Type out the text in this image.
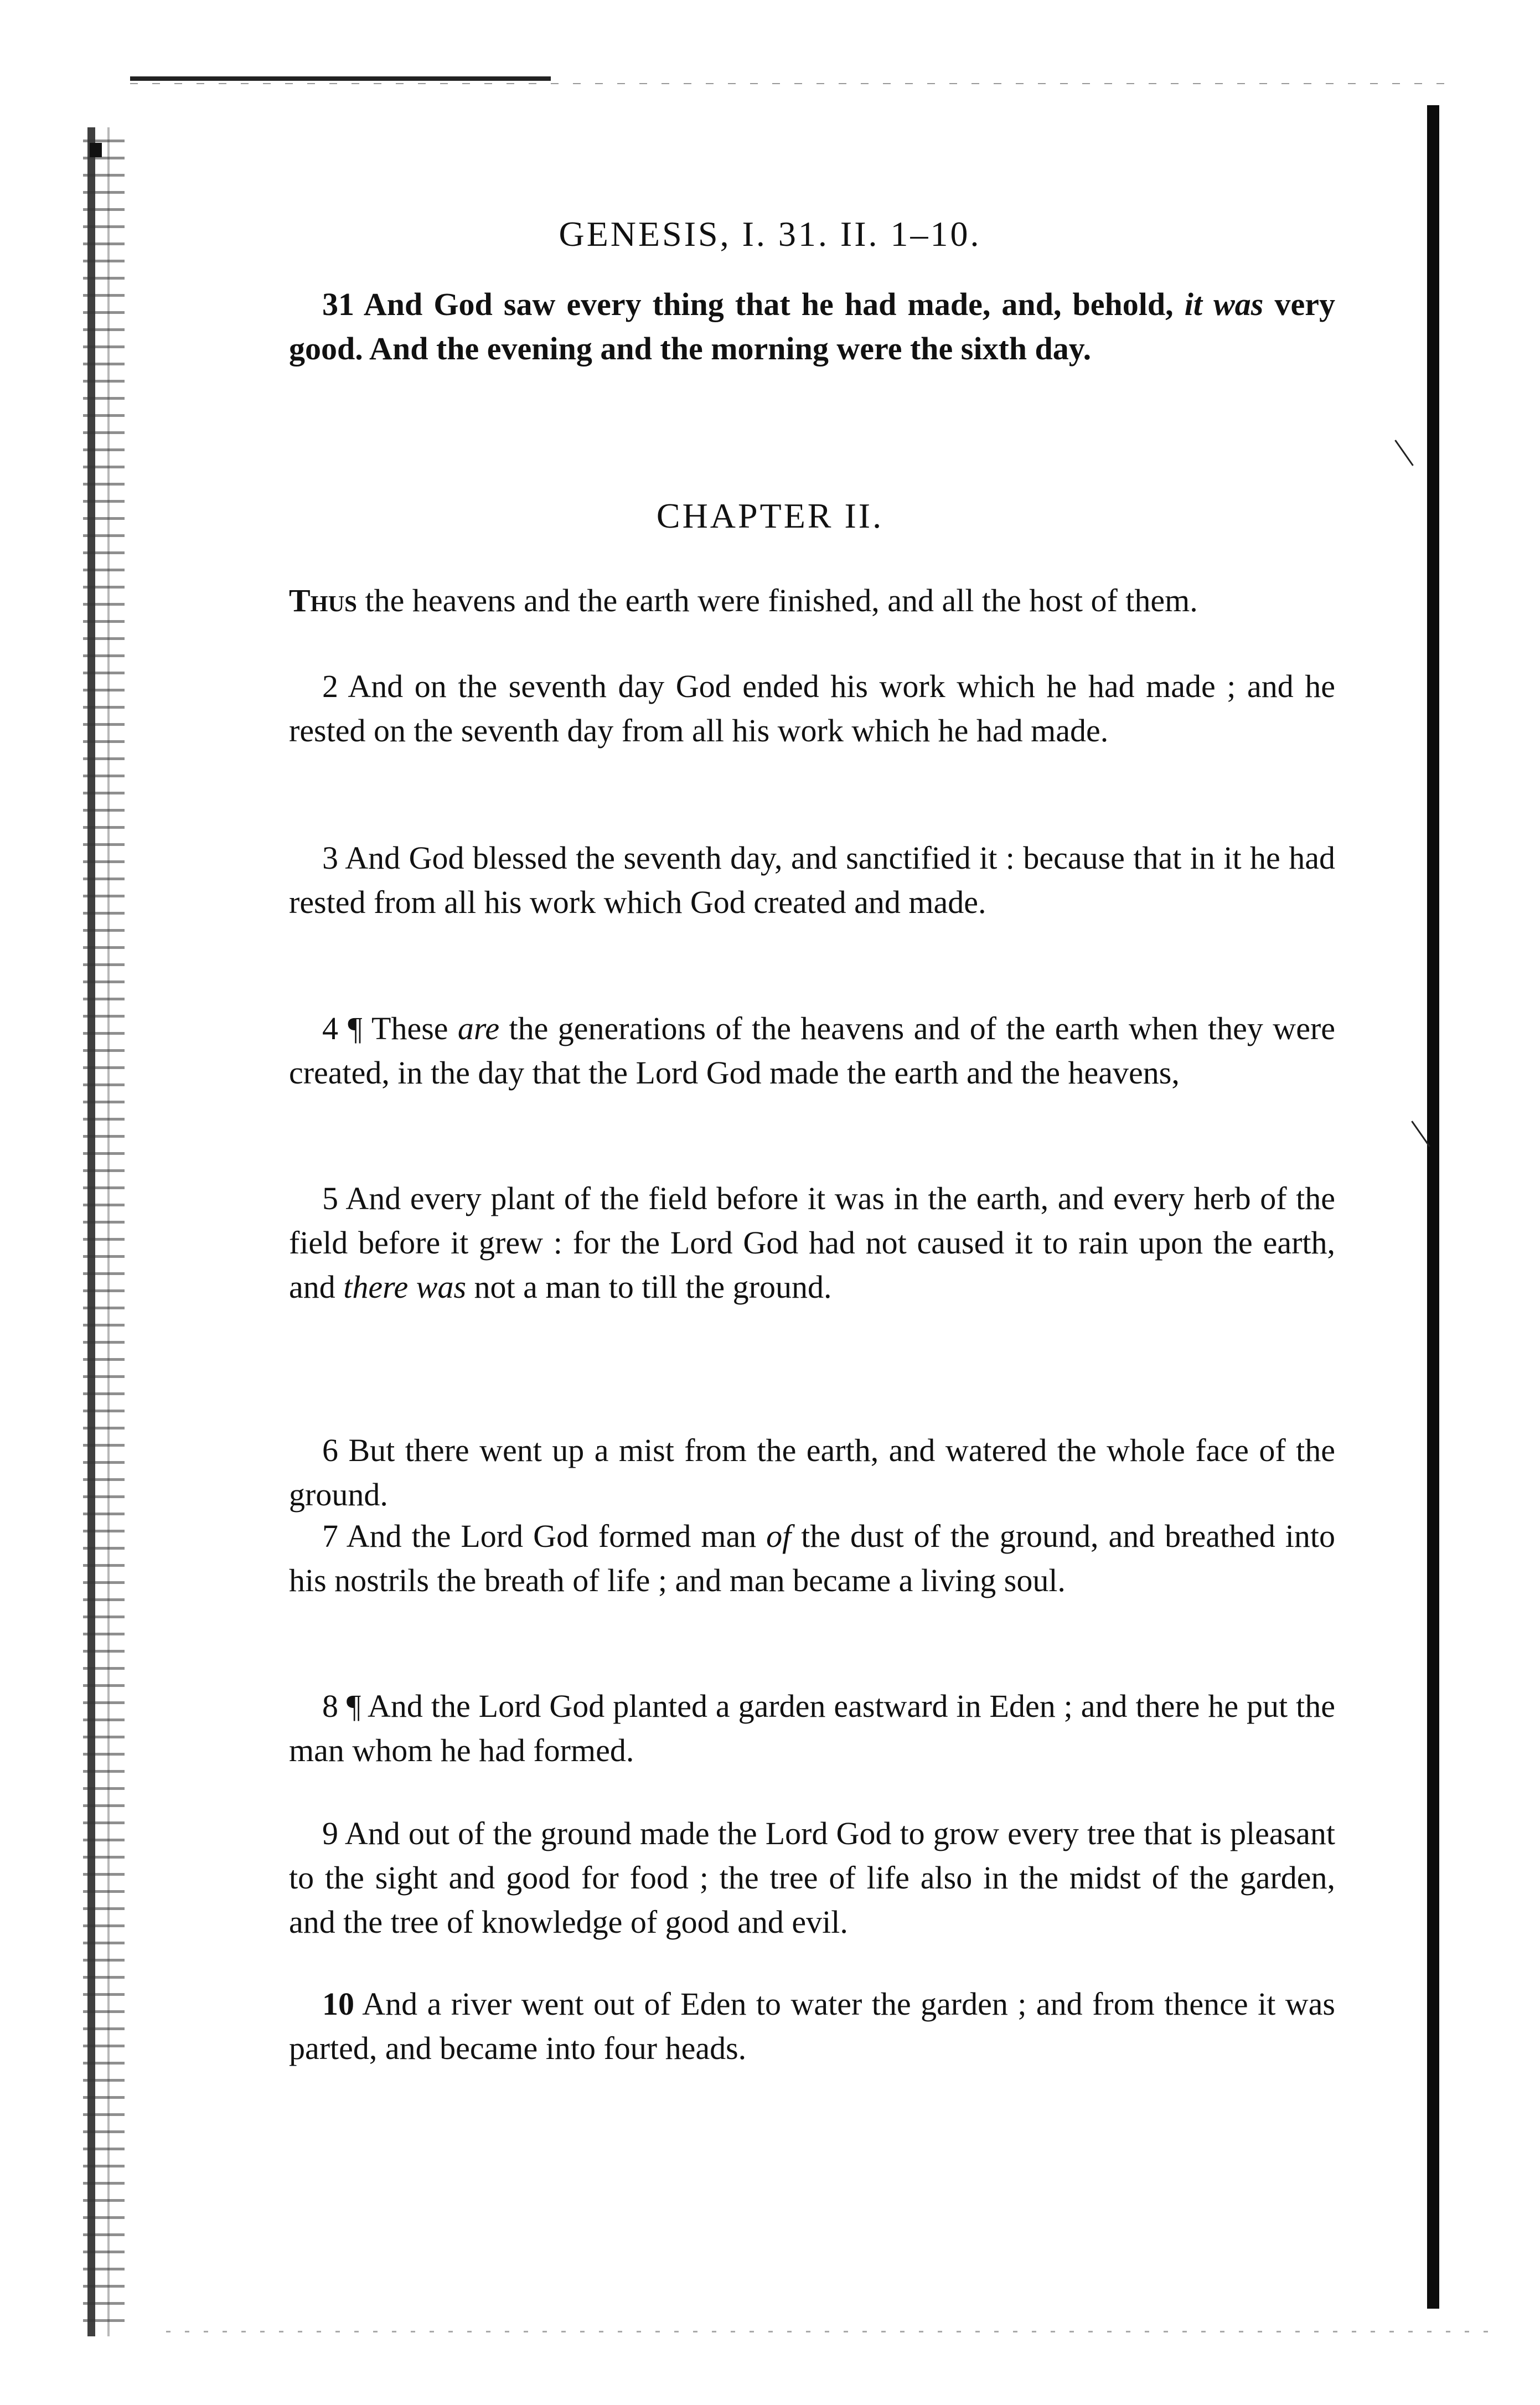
GENESIS, I. 31. II. 1–10.

31 And God saw every thing that he had made, and, behold, it was very good. And the evening and the morning were the sixth day.

CHAPTER II.

Thus the heavens and the earth were finished, and all the host of them.

2 And on the seventh day God ended his work which he had made ; and he rested on the seventh day from all his work which he had made.

3 And God blessed the seventh day, and sanctified it : because that in it he had rested from all his work which God created and made.

4 ¶ These are the generations of the heavens and of the earth when they were created, in the day that the Lord God made the earth and the heavens,

5 And every plant of the field before it was in the earth, and every herb of the field before it grew : for the Lord God had not caused it to rain upon the earth, and there was not a man to till the ground.

6 But there went up a mist from the earth, and watered the whole face of the ground.

7 And the Lord God formed man of the dust of the ground, and breathed into his nostrils the breath of life ; and man became a living soul.

8 ¶ And the Lord God planted a garden eastward in Eden ; and there he put the man whom he had formed.

9 And out of the ground made the Lord God to grow every tree that is pleasant to the sight and good for food ; the tree of life also in the midst of the garden, and the tree of knowledge of good and evil.

10 And a river went out of Eden to water the garden ; and from thence it was parted, and became into four heads.
